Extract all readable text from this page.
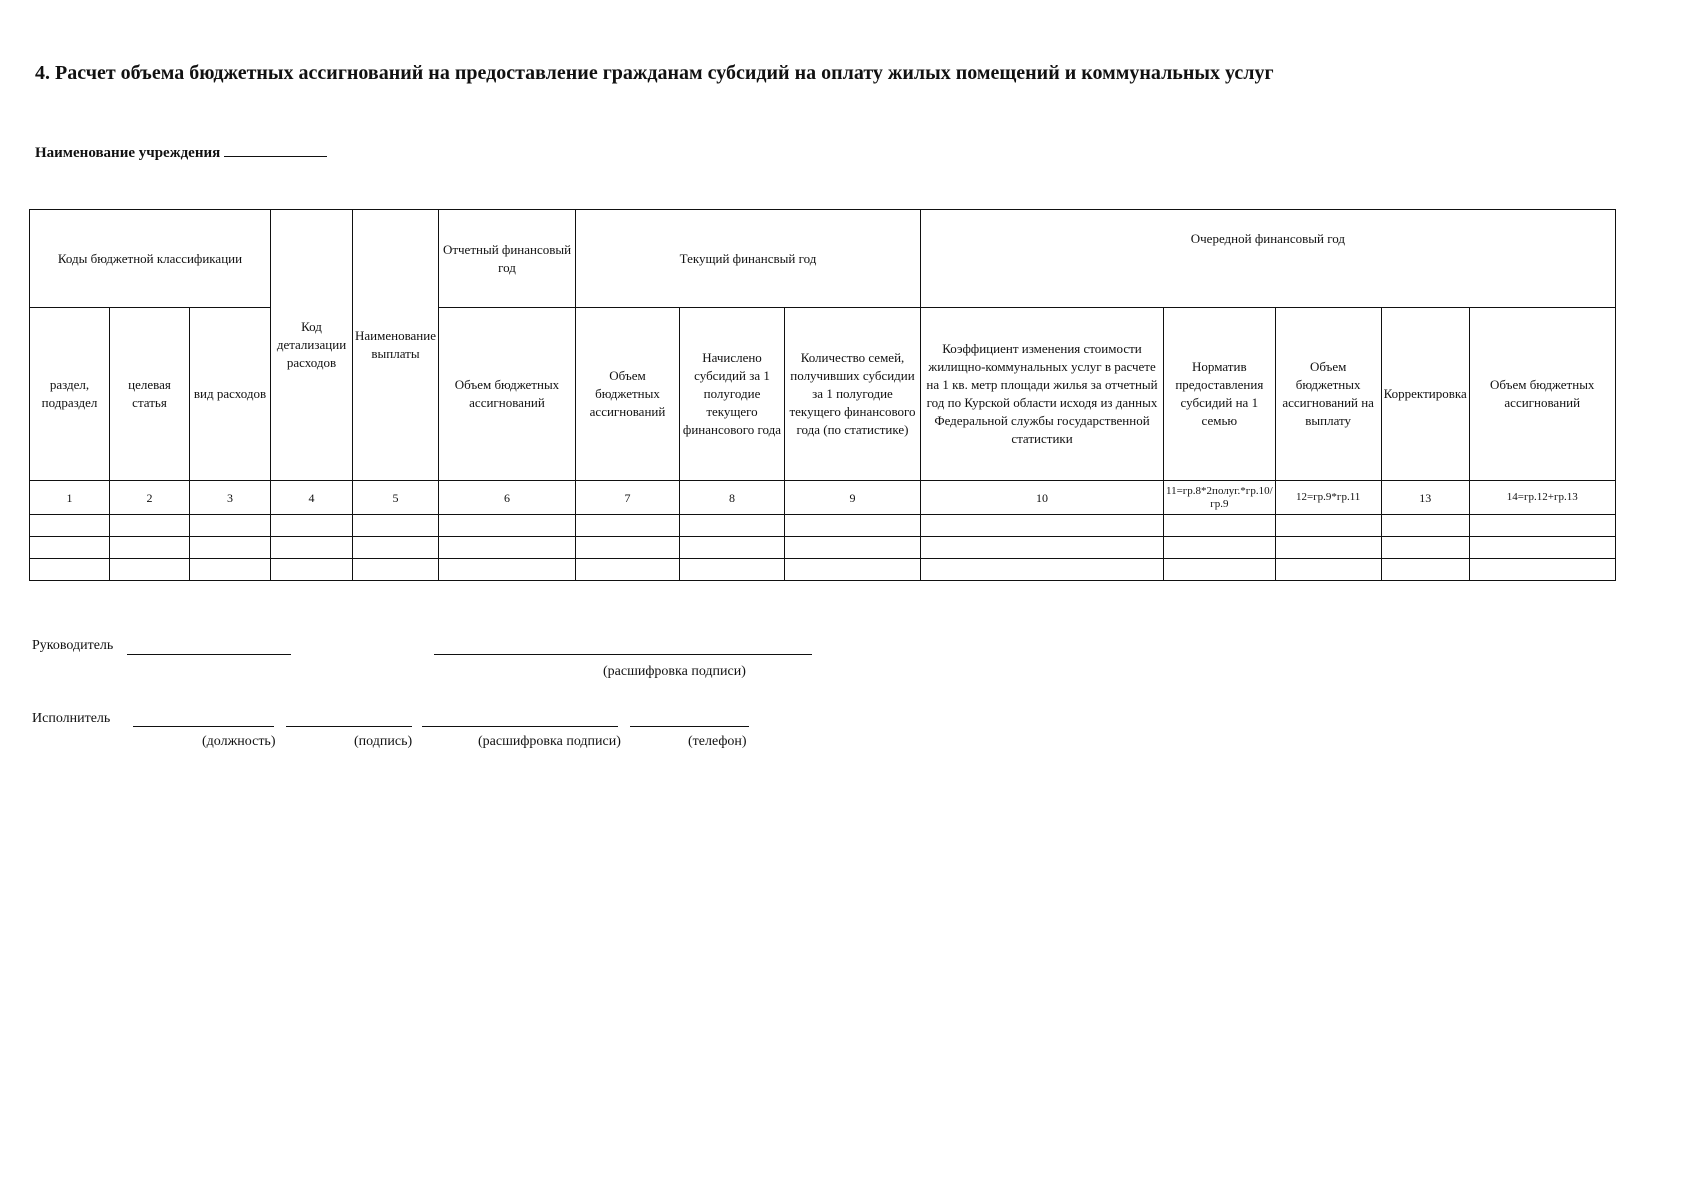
4. Расчет объема бюджетных ассигнований на предоставление гражданам субсидий на оплату жилых помещений и коммунальных услуг
Наименование учреждения
Коды бюджетной классификации			Код детализации расходов	Наименование выплаты	Отчетный финансовый год	Текущий финансвый год			Очередной финансовый год				
раздел, подраздел	целевая статья	вид расходов			Объем бюджетных ассигнований	Объем бюджетных ассигнований	Начислено субсидий за 1 полугодие текущего финансового года	Количество семей, получивших субсидии за 1 полугодие текущего финансового года (по статистике)	Коэффициент изменения стоимости жилищно-коммунальных услуг в расчете на 1 кв. метр площади жилья за отчетный год по Курской области исходя из данных Федеральной службы государственной статистики	Норматив предоставления субсидий на 1 семью	Объем бюджетных ассигнований на выплату	Корректировка	Объем бюджетных ассигнований
1	2	3	4	5	6	7	8	9	10	11=гр.8*2полуг.*гр.10/гр.9	12=гр.9*гр.11	13	14=гр.12+гр.13

Руководитель
(расшифровка подписи)
Исполнитель
(должность)	(подпись)	(расшифровка подписи)	(телефон)
